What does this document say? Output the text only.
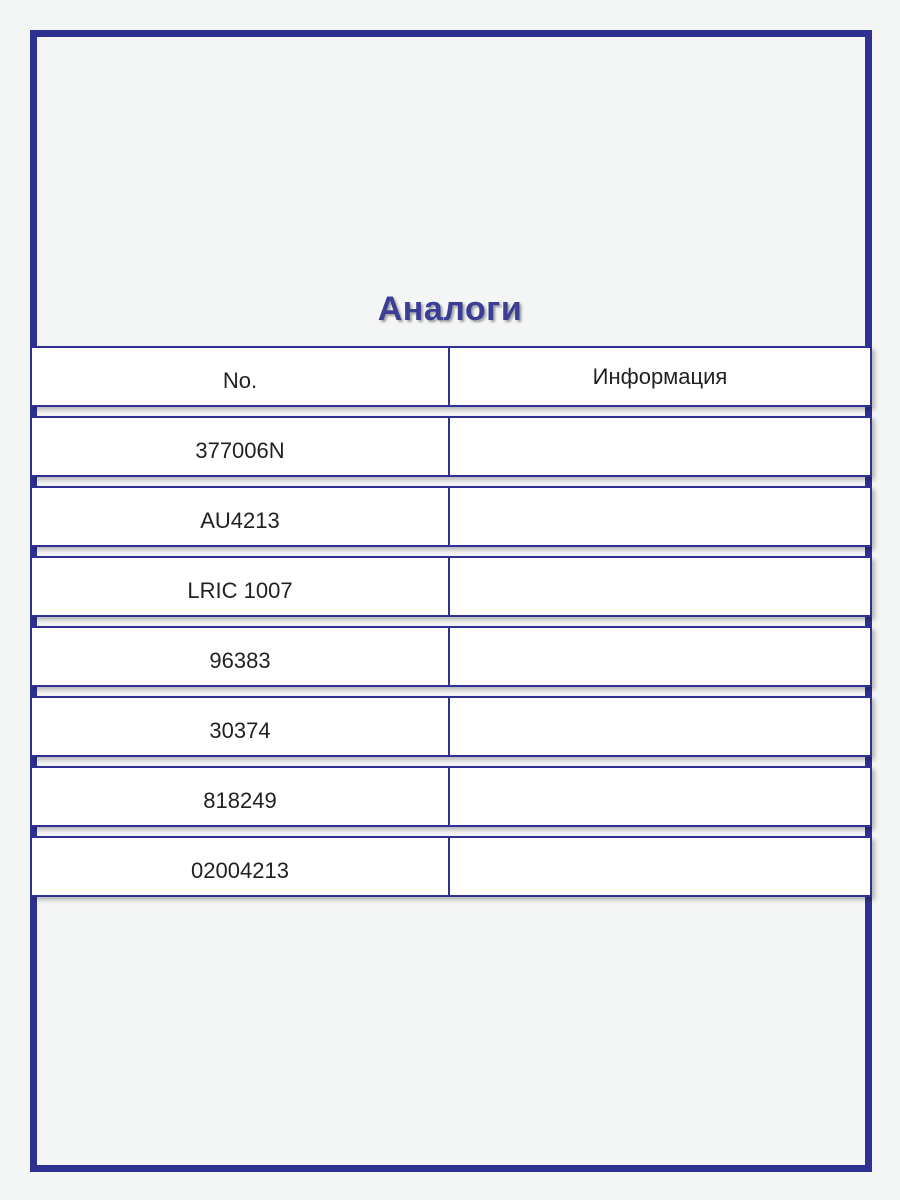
Аналоги
No.	Информация
377006N
AU4213
LRIC 1007
96383
30374
818249
02004213
